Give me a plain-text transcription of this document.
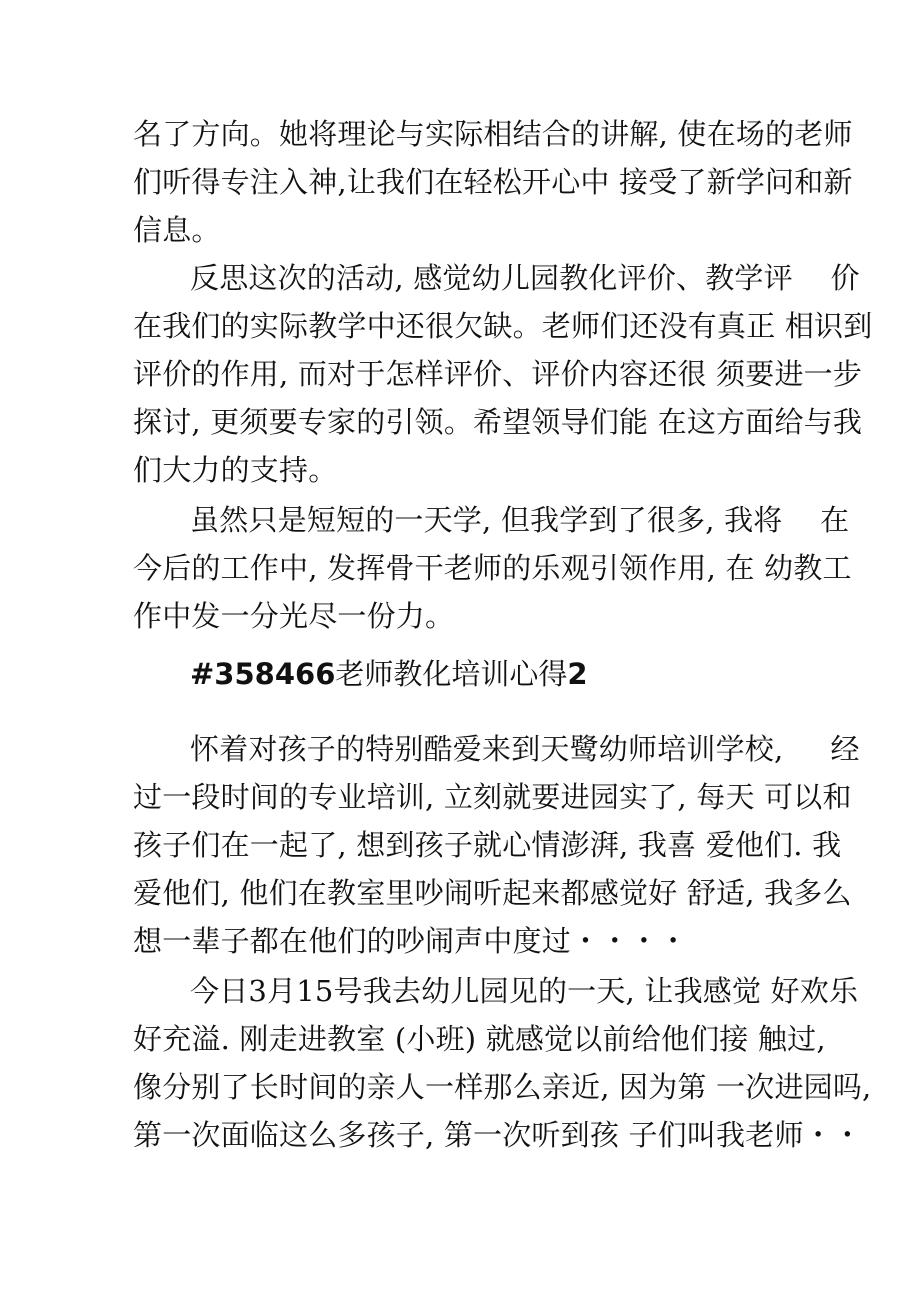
名了方向。她将理论与实际相结合的讲解, 使在场的老师
们听得专注入神,让我们在轻松开心中 接受了新学问和新
信息。
反思这次的活动, 感觉幼儿园教化评价、教学评    价
在我们的实际教学中还很欠缺。老师们还没有真正 相识到
评价的作用, 而对于怎样评价、评价内容还很 须要进一步
探讨, 更须要专家的引领。希望领导们能 在这方面给与我
们大力的支持。
虽然只是短短的一天学, 但我学到了很多, 我将    在
今后的工作中, 发挥骨干老师的乐观引领作用, 在 幼教工
作中发一分光尽一份力。
#358466老师教化培训心得2
怀着对孩子的特别酷爱来到天鹭幼师培训学校,     经
过一段时间的专业培训, 立刻就要进园实了, 每天 可以和
孩子们在一起了, 想到孩子就心情澎湃, 我喜 爱他们. 我
爱他们, 他们在教室里吵闹听起来都感觉好 舒适, 我多么
想一辈子都在他们的吵闹声中度过・・・・
今日3月15号我去幼儿园见的一天, 让我感觉 好欢乐
好充溢. 刚走进教室 (小班) 就感觉以前给他们接 触过,
像分别了长时间的亲人一样那么亲近, 因为第 一次进园吗,
第一次面临这么多孩子, 第一次听到孩 子们叫我老师・・
